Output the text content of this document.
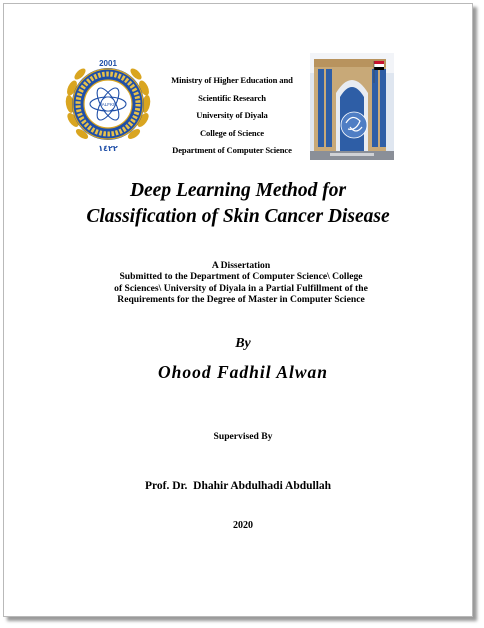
ALFKI
2001
١٤٢٢
Ministry of Higher Education and
Scientific Research
University of Diyala
College of Science
Department of Computer Science
Deep Learning Method for
Classification of Skin Cancer Disease
A Dissertation
Submitted to the Department of Computer Science\ College
of Sciences\ University of Diyala in a Partial Fulfillment of the
Requirements for the Degree of Master in Computer Science
By
Ohood Fadhil Alwan
Supervised By
Prof. Dr.  Dhahir Abdulhadi Abdullah
2020
